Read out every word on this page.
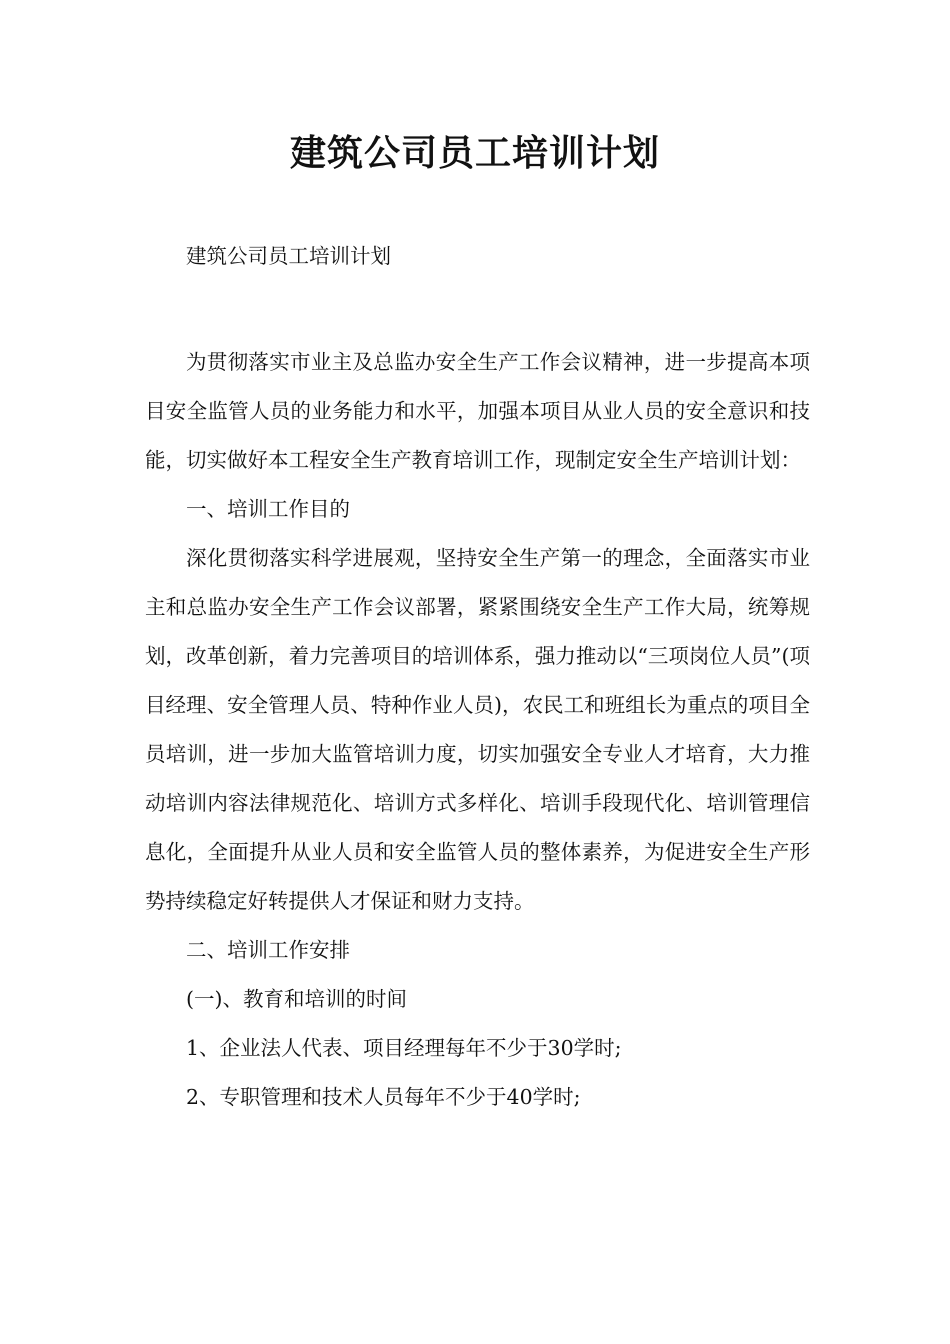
建筑公司员工培训计划

建筑公司员工培训计划

为贯彻落实市业主及总监办安全生产工作会议精神，进一步提高本项目安全监管人员的业务能力和水平，加强本项目从业人员的安全意识和技能，切实做好本工程安全生产教育培训工作，现制定安全生产培训计划：

一、培训工作目的

深化贯彻落实科学进展观，坚持安全生产第一的理念，全面落实市业主和总监办安全生产工作会议部署，紧紧围绕安全生产工作大局，统筹规划，改革创新，着力完善项目的培训体系，强力推动以“三项岗位人员”(项目经理、安全管理人员、特种作业人员)，农民工和班组长为重点的项目全员培训，进一步加大监管培训力度，切实加强安全专业人才培育，大力推动培训内容法律规范化、培训方式多样化、培训手段现代化、培训管理信息化，全面提升从业人员和安全监管人员的整体素养，为促进安全生产形势持续稳定好转提供人才保证和财力支持。

二、培训工作安排

(一)、教育和培训的时间

1、企业法人代表、项目经理每年不少于30学时;

2、专职管理和技术人员每年不少于40学时;
